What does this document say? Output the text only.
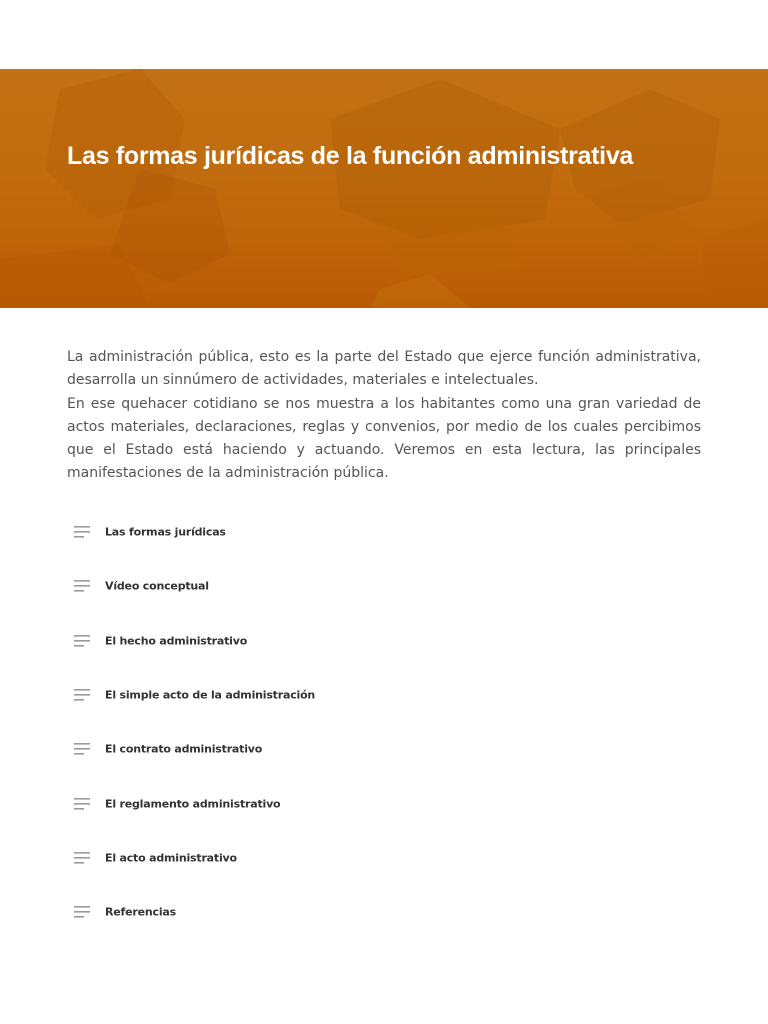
Las formas jurídicas de la función administrativa

La administración pública, esto es la parte del Estado que ejerce función administrativa, desarrolla un sinnúmero de actividades, materiales e intelectuales.

En ese quehacer cotidiano se nos muestra a los habitantes como una gran variedad de actos materiales, declaraciones, reglas y convenios, por medio de los cuales percibimos que el Estado está haciendo y actuando. Veremos en esta lectura, las principales manifestaciones de la administración pública.

Las formas jurídicas
Vídeo conceptual
El hecho administrativo
El simple acto de la administración
El contrato administrativo
El reglamento administrativo
El acto administrativo
Referencias
